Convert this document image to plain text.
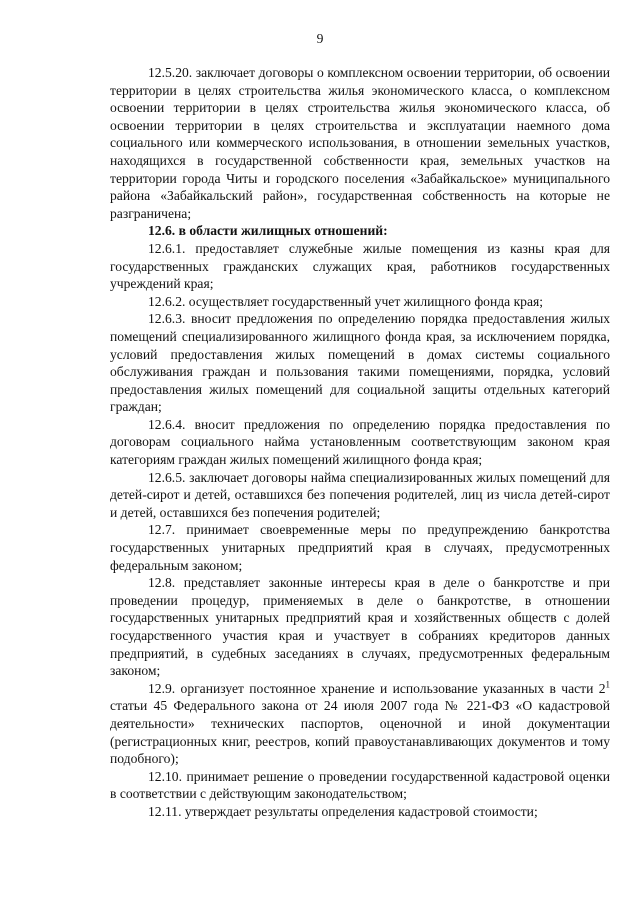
9

12.5.20. заключает договоры о комплексном освоении территории, об освоении территории в целях строительства жилья экономического класса, о комплексном освоении территории в целях строительства жилья экономического класса, об освоении территории в целях строительства и эксплуатации наемного дома социального или коммерческого использования, в отношении земельных участков, находящихся в государственной собственности края, земельных участков на территории города Читы и городского поселения «Забайкальское» муниципального района «Забайкальский район», государственная собственность на которые не разграничена;

12.6. в области жилищных отношений:

12.6.1. предоставляет служебные жилые помещения из казны края для государственных гражданских служащих края, работников государственных учреждений края;

12.6.2. осуществляет государственный учет жилищного фонда края;

12.6.3. вносит предложения по определению порядка предоставления жилых помещений специализированного жилищного фонда края, за исключением порядка, условий предоставления жилых помещений в домах системы социального обслуживания граждан и пользования такими помещениями, порядка, условий предоставления жилых помещений для социальной защиты отдельных категорий граждан;

12.6.4. вносит предложения по определению порядка предоставления по договорам социального найма установленным соответствующим законом края категориям граждан жилых помещений жилищного фонда края;

12.6.5. заключает договоры найма специализированных жилых помещений для детей-сирот и детей, оставшихся без попечения родителей, лиц из числа детей-сирот и детей, оставшихся без попечения родителей;

12.7. принимает своевременные меры по предупреждению банкротства государственных унитарных предприятий края в случаях, предусмотренных федеральным законом;

12.8. представляет законные интересы края в деле о банкротстве и при проведении процедур, применяемых в деле о банкротстве, в отношении государственных унитарных предприятий края и хозяйственных обществ с долей государственного участия края и участвует в собраниях кредиторов данных предприятий, в судебных заседаниях в случаях, предусмотренных федеральным законом;

12.9. организует постоянное хранение и использование указанных в части $2^1$ статьи 45 Федерального закона от 24 июля 2007 года № 221-ФЗ «О кадастровой деятельности» технических паспортов, оценочной и иной документации (регистрационных книг, реестров, копий правоустанавливающих документов и тому подобного);

12.10. принимает решение о проведении государственной кадастровой оценки в соответствии с действующим законодательством;

12.11. утверждает результаты определения кадастровой стоимости;
